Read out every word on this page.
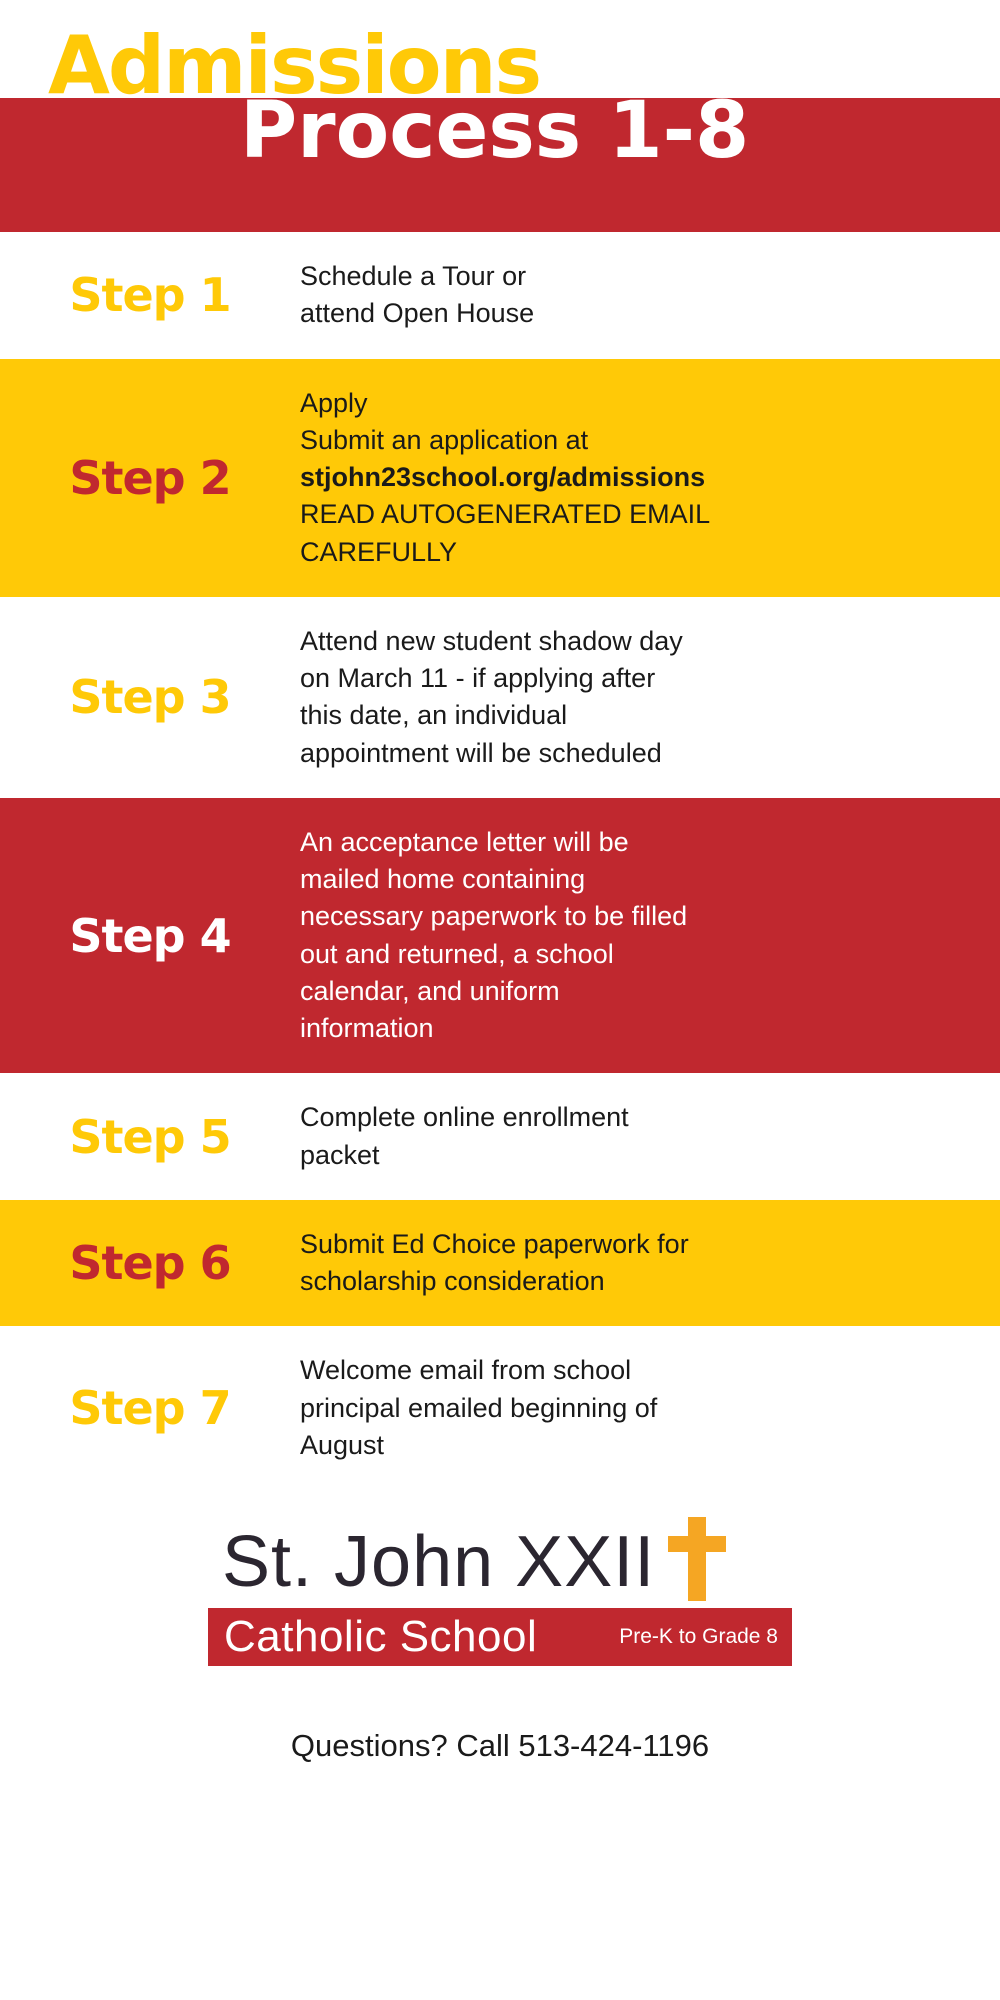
Admissions
Process 1-8
Step 1	Schedule a Tour or
attend Open House
Step 2
Apply
Submit an application at
stjohn23school.org/admissions
READ AUTOGENERATED EMAIL
CAREFULLY
Step 3
Attend new student shadow day
on March 11 - if applying after
this date, an individual
appointment will be scheduled
Step 4
An acceptance letter will be
mailed home containing
necessary paperwork to be filled
out and returned, a school
calendar, and uniform
information
Step 5	Complete online enrollment
packet
Step 6	Submit Ed Choice paperwork for
scholarship consideration
Step 7
Welcome email from school
principal emailed beginning of
August
St. John XXII
Catholic School	Pre-K to Grade 8
Questions? Call 513-424-1196
